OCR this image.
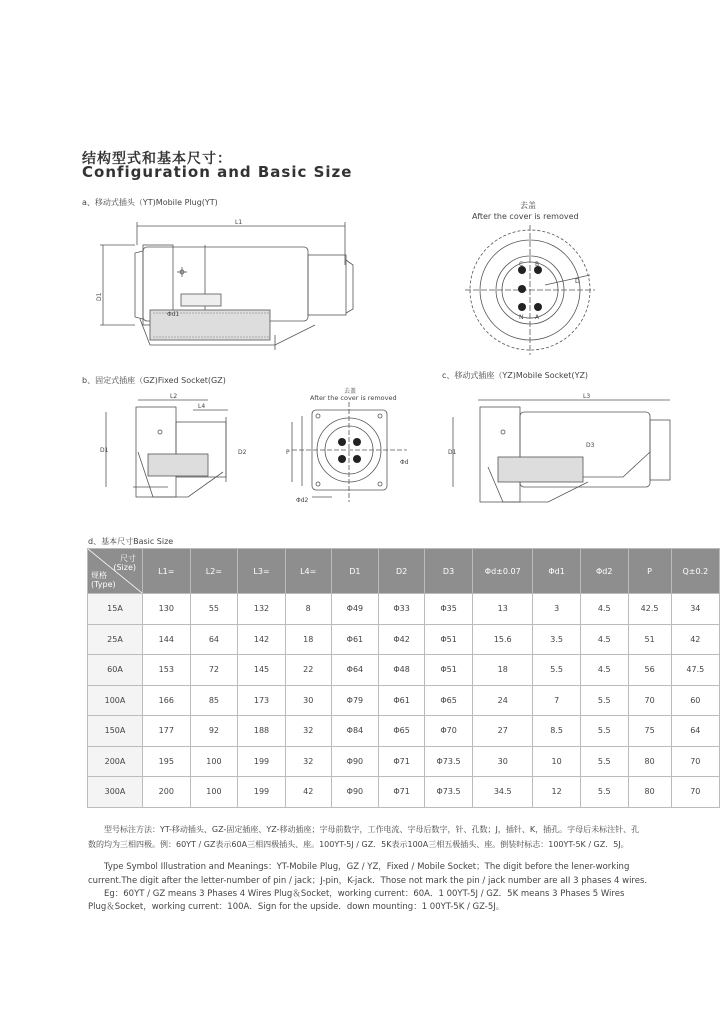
结构型式和基本尺寸：
Configuration and Basic Size
a、移动式插头（YT)Mobile Plug(YT)	去盖
After the cover is removed
b、固定式插座（GZ)Fixed Socket(GZ)
去盖
After the cover is removed
c、移动式插座（YZ)Mobile Socket(YZ)
d、基本尺寸Basic Size
L1
D1
Φd1
C B
D
N A
L2
L4
D1	D2	P
Φd
Φd2
L3
D1
D3
尺寸
(Size)
规格
(Type)	L1=	L2=	L3=	L4=	D1	D2	D3	Φd±0.07	Φd1	Φd2	P	Q±0.2
15A	130	55	132	8	Φ49	Φ33	Φ35	13	3	4.5	42.5	34
25A	144	64	142	18	Φ61	Φ42	Φ51	15.6	3.5	4.5	51	42
60A	153	72	145	22	Φ64	Φ48	Φ51	18	5.5	4.5	56	47.5
100A	166	85	173	30	Φ79	Φ61	Φ65	24	7	5.5	70	60
150A	177	92	188	32	Φ84	Φ65	Φ70	27	8.5	5.5	75	64
200A	195	100	199	32	Φ90	Φ71	Φ73.5	30	10	5.5	80	70
300A	200	100	199	42	Φ90	Φ71	Φ73.5	34.5	12	5.5	80	70
型号标注方法：YT-移动插头、GZ-固定插座、YZ-移动插座；字母前数字，工作电流、字母后数字，针、孔数；J，插针、K，插孔。字母后未标注针、孔
数的均为三相四极。例：60YT / GZ表示60A三相四极插头、座。100YT-5J / GZ．5K表示100A三相五极插头、座。倒装时标志：100YT-5K / GZ．5J。
Type Symbol Illustration and Meanings：YT-Mobile Plug，GZ / YZ，Fixed / Mobile Socket；The digit before the lener-working
current.The digit after the letter-number of pin / jack；J-pin，K-jack．Those not mark the pin / jack number are aII 3 phases 4 wires．
Eg：60YT / GZ means 3 Phases 4 Wires Plug＆Socket，working current：60A．1 00YT-5J / GZ．5K means 3 Phases 5 Wires
Plug＆Socket，working current：100A．Sign for the upside．down mounting：1 00YT-5K / GZ-5J。
